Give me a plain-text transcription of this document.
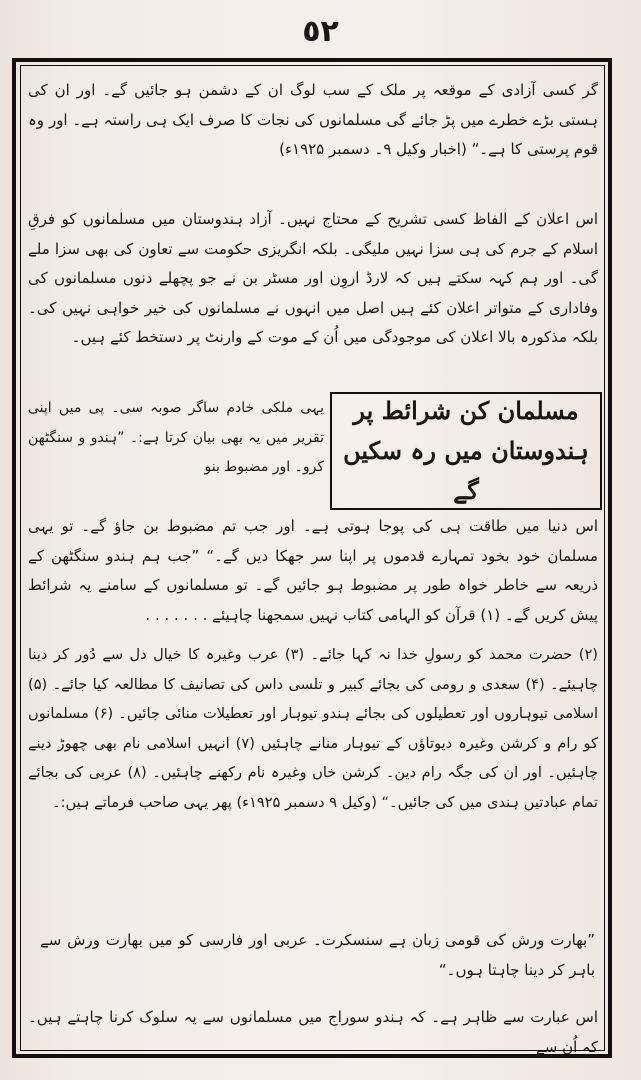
٥٢

گر کسی آزادی کے موقعہ پر ملک کے سب لوگ ان کے دشمن ہو جائیں گے۔ اور ان کی ہستی بڑے خطرے میں پڑ جائے گی مسلمانوں کی نجات کا صرف ایک ہی راستہ ہے۔ اور وہ قوم پرستی کا ہے۔“ (اخبار وکیل ۹۔ دسمبر ۱۹۲۵ء)

اس اعلان کے الفاظ کسی تشریح کے محتاج نہیں۔ آزاد ہندوستان میں مسلمانوں کو فرقِ اسلام کے جرم کی ہی سزا نہیں ملیگی۔ بلکہ انگریزی حکومت سے تعاون کی بھی سزا ملے گی۔ اور ہم کہہ سکتے ہیں کہ لارڈ اروِن اور مسٹر بن نے جو پچھلے دنوں مسلمانوں کی وفاداری کے متواتر اعلان کئے ہیں اصل میں انہوں نے مسلمانوں کی خیر خواہی نہیں کی۔ بلکہ مذکورہ بالا اعلان کی موجودگی میں اُن کے موت کے وارنٹ پر دستخط کئے ہیں۔

مسلمان کن شرائط پر ہندوستان میں رہ سکیں گے

یہی ملکی خادم ساگر صوبہ سی۔ پی میں اپنی تقریر میں یہ بھی بیان کرتا ہے:۔ ”ہندو و سنگٹھن کرو۔ اور مضبوط بنو

اس دنیا میں طاقت ہی کی پوجا ہوتی ہے۔ اور جب تم مضبوط بن جاؤ گے۔ تو یہی مسلمان خود بخود تمہارے قدموں پر اپنا سر جھکا دیں گے۔“ ”جب ہم ہندو سنگٹھن کے ذریعہ سے خاطر خواہ طور پر مضبوط ہو جائیں گے۔ تو مسلمانوں کے سامنے یہ شرائط پیش کریں گے۔ (۱) قرآن کو الہامی کتاب نہیں سمجھنا چاہیئے . . . . . . .

(۲) حضرت محمد کو رسولِ خدا نہ کہا جائے۔ (۳) عرب وغیرہ کا خیال دل سے دُور کر دینا چاہیئے۔ (۴) سعدی و رومی کی بجائے کبیر و تلسی داس کی تصانیف کا مطالعہ کیا جائے۔ (۵) اسلامی تیوہاروں اور تعطیلوں کی بجائے ہندو تیوہار اور تعطیلات منائی جائیں۔ (۶) مسلمانوں کو رام و کرشن وغیرہ دیوتاؤں کے تیوہار منانے چاہئیں (۷) انہیں اسلامی نام بھی چھوڑ دینے چاہئیں۔ اور ان کی جگہ رام دین۔ کرشن خاں وغیرہ نام رکھنے چاہئیں۔ (۸) عربی کی بجائے تمام عبادتیں ہندی میں کی جائیں۔“ (وکیل ۹ دسمبر ۱۹۲۵ء) پھر یہی صاحب فرماتے ہیں:۔

”بھارت ورش کی قومی زبان ہے سنسکرت۔ عربی اور فارسی کو میں بھارت ورش سے باہر کر دینا چاہتا ہوں۔“

اس عبارت سے ظاہر ہے۔ کہ ہندو سوراج میں مسلمانوں سے یہ سلوک کرنا چاہتے ہیں۔ کہ اُن سے
